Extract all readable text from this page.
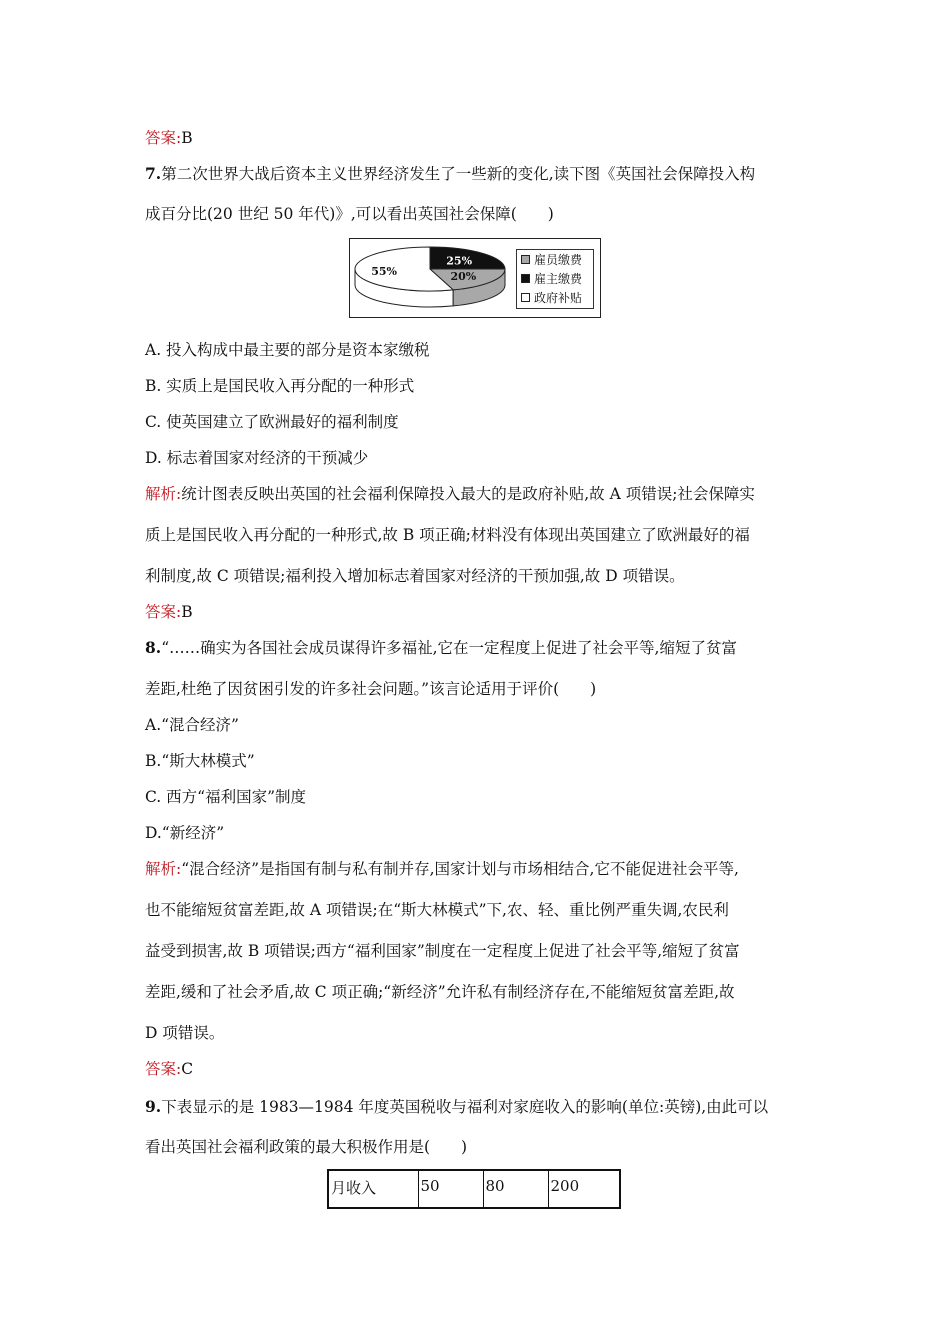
答案:B
7.第二次世界大战后资本主义世界经济发生了一些新的变化,读下图《英国社会保障投入构
成百分比(20 世纪 50 年代)》,可以看出英国社会保障(　　)
20%
25%
55%
雇员缴费
雇主缴费
政府补贴
A. 投入构成中最主要的部分是资本家缴税
B. 实质上是国民收入再分配的一种形式
C. 使英国建立了欧洲最好的福利制度
D. 标志着国家对经济的干预减少
解析:统计图表反映出英国的社会福利保障投入最大的是政府补贴,故 A 项错误;社会保障实
质上是国民收入再分配的一种形式,故 B 项正确;材料没有体现出英国建立了欧洲最好的福
利制度,故 C 项错误;福利投入增加标志着国家对经济的干预加强,故 D 项错误。
答案:B
8.“……确实为各国社会成员谋得许多福祉,它在一定程度上促进了社会平等,缩短了贫富
差距,杜绝了因贫困引发的许多社会问题。”该言论适用于评价(　　)
A.“混合经济”
B.“斯大林模式”
C. 西方“福利国家”制度
D.“新经济”
解析:“混合经济”是指国有制与私有制并存,国家计划与市场相结合,它不能促进社会平等,
也不能缩短贫富差距,故 A 项错误;在“斯大林模式”下,农、轻、重比例严重失调,农民利
益受到损害,故 B 项错误;西方“福利国家”制度在一定程度上促进了社会平等,缩短了贫富
差距,缓和了社会矛盾,故 C 项正确;“新经济”允许私有制经济存在,不能缩短贫富差距,故
D 项错误。
答案:C
9.下表显示的是 1983—1984 年度英国税收与福利对家庭收入的影响(单位:英镑),由此可以
看出英国社会福利政策的最大积极作用是(　　)
月收入	50	80	200
